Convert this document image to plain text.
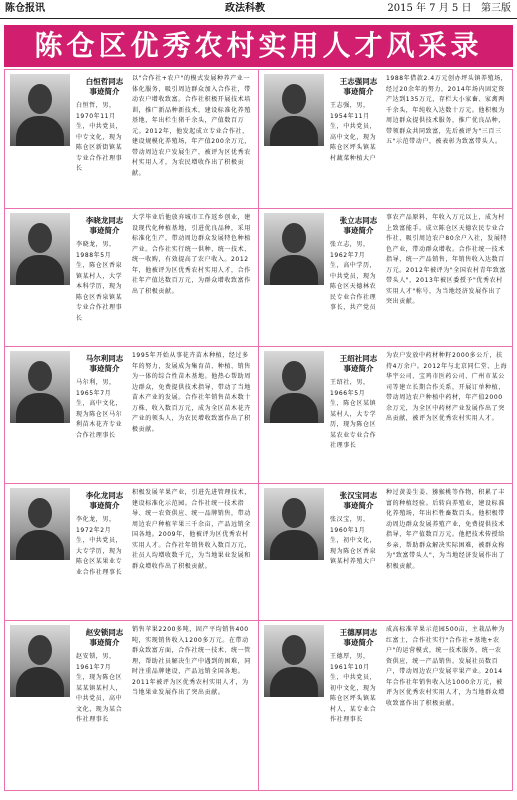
陈仓报讯	政法科教	2015 年 7 月 5 日 第三版
陈仓区优秀农村实用人才风采录
白恒哲同志
事迹简介
白恒哲，男，1970年11月生，中共党员，中专文化，现为陈仓区新街镇某专业合作社理事长
以"合作社+农户"的模式发展种养产业一体化服务，吸引周边群众加入合作社，带动农户增收致富。合作社积极开展技术培训，推广新品种新技术，建设标准化养殖基地，年出栏生猪千余头，产值数百万元。2012年，他发起成立专业合作社，建设规模化养殖场，年产值200余万元，带动周边农户发展生产，被评为区优秀农村实用人才，为农民增收作出了积极贡献。
王志强同志
事迹简介
王志强，男，1954年11月生，中共党员，高中文化，现为陈仓区坪头镇某村蔬菜种植大户
1988年借款2.4万元创办坪头镇养殖场，经过20余年的努力，2014年场内固定资产达到135万元，存栏大小家畜、家禽两千余头，年纯收入达数十万元。他积极为周边群众提供技术服务，推广优良品种，带领群众共同致富，先后被评为"三百三五"示范带动户，被表彰为致富带头人。
李晓龙同志
事迹简介
李晓龙，男，1988年5月生，陈仓区香泉镇某村人，大学本科学历，现为陈仓区香泉镇某专业合作社理事长
大学毕业后他放弃城市工作返乡创业，建设现代化种植基地，引进优良品种，采用标准化生产，带动周边群众发展特色种植产业。合作社实行统一供种、统一技术、统一收购，有效提高了农户收入。2012年，他被评为区优秀农村实用人才，合作社年产值达数百万元，为群众增收致富作出了积极贡献。
张立志同志
事迹简介
张立志，男，1962年7月生，高中学历，中共党员，现为陈仓区天德林农民专业合作社理事长，共产党员
事农产品原料，年收入万元以上，成为村上致富能手。成立陈仓区天德农民专业合作社，吸引周边农户80余户入社，发展特色产业，带动群众增收。合作社统一技术指导，统一产品销售，年销售收入达数百万元。2012年被评为"全国农村青年致富带头人"，2013年被区委授予"优秀农村实用人才"称号，为当地经济发展作出了突出贡献。
马尔利同志
事迹简介
马尔利，男，1965年7月生，高中文化，现为陈仓区马尔利苗木花卉专业合作社理事长
1995年开始从事花卉苗木种植，经过多年的努力，发展成为集育苗、种植、销售为一体的综合性苗木基地。他热心帮助周边群众，免费提供技术指导，带动了当地苗木产业的发展。合作社年销售苗木数十万株，收入数百万元，成为全区苗木花卉产业的领头人，为农民增收致富作出了积极贡献。
王绍社同志
事迹简介
王绍社，男，1966年5月生，陈仓区某镇某村人，大专学历，现为陈仓区某农业专业合作社理事长
为农户发放中药材种籽2000多公斤，扶持4万余户。2012年与北京同仁堂、上海华宇公司、宝鸡市医药公司、广州市某公司等建立长期合作关系，开展订单种植，带动周边农户种植中药材，年产值2000余万元，为全区中药材产业发展作出了突出贡献，被评为区优秀农村实用人才。
李化龙同志
事迹简介
李化龙，男，1972年2月生，中共党员，大专学历，现为陈仓区某果业专业合作社理事长
积极发展苹果产业，引进先进管理技术，建设标准化示范园。合作社统一技术指导、统一农资供应、统一品牌销售，带动周边农户种植苹果三千余亩，产品远销全国各地。2009年，他被评为区优秀农村实用人才。合作社年销售收入数百万元，社员人均增收数千元，为当地果业发展和群众增收作出了积极贡献。
张汉宝同志
事迹简介
张汉宝，男，1960年1月生，初中文化，现为陈仓区香泉镇某村养殖大户
种过黄姜生姜、猕猴桃等作物，积累了丰富的种植经验。后转向养殖业，建设标准化养殖场，年出栏牲畜数百头。他积极带动周边群众发展养殖产业，免费提供技术指导，年产值数百万元。他把技术传授给乡亲，帮助群众解决实际困难，被群众称为"致富带头人"，为当地经济发展作出了积极贡献。
赵安锁同志
事迹简介
赵安锁，男，1961年7月生，现为陈仓区某某镇某村人，中共党员，高中文化，现为某合作社理事长
销售苹果2200多吨，固产平均销售400吨，实现销售收入1200多万元。在带动群众致富方面，合作社统一技术、统一管理，帮助社员解决生产中遇到的困难，同时注重品牌建设，产品远销全国各地。2011年被评为区优秀农村实用人才，为当地果业发展作出了突出贡献。
王德厚同志
事迹简介
王德厚，男，1961年10月生，中共党员，初中文化，现为陈仓区坪头镇某村人，某专业合作社理事长
成高标准苹果示范园500亩，主栽品种为红富士，合作社实行"合作社+基地+农户"的运营模式，统一技术服务，统一农资供应，统一产品销售。发展社员数百户，带动周边农户发展苹果产业。2014年合作社年销售收入达1000余万元，被评为区优秀农村实用人才，为当地群众增收致富作出了积极贡献。
